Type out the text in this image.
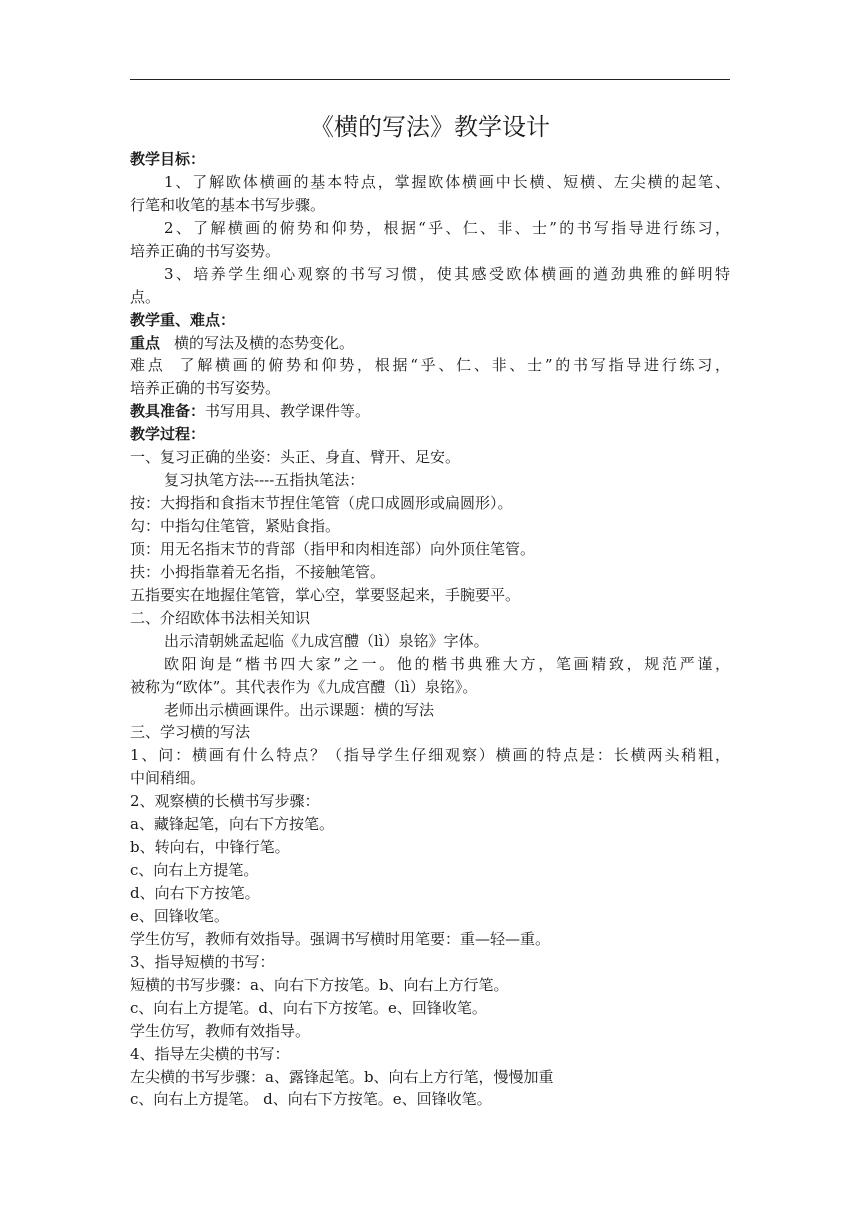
《横的写法》教学设计
教学目标：
1、了解欧体横画的基本特点，掌握欧体横画中长横、短横、左尖横的起笔、
行笔和收笔的基本书写步骤。
2、了解横画的俯势和仰势，根据“乎、仁、非、士”的书写指导进行练习，
培养正确的书写姿势。
3、培养学生细心观察的书写习惯，使其感受欧体横画的遒劲典雅的鲜明特
点。
教学重、难点：
重点 横的写法及横的态势变化。
难点 了解横画的俯势和仰势，根据“乎、仁、非、士”的书写指导进行练习，
培养正确的书写姿势。
教具准备：书写用具、教学课件等。
教学过程：
一、复习正确的坐姿：头正、身直、臂开、足安。
复习执笔方法----五指执笔法：
按：大拇指和食指末节捏住笔管（虎口成圆形或扁圆形）。
勾：中指勾住笔管，紧贴食指。
顶：用无名指末节的背部（指甲和肉相连部）向外顶住笔管。
扶：小拇指靠着无名指，不接触笔管。
五指要实在地握住笔管，掌心空，掌要竖起来，手腕要平。
二、介绍欧体书法相关知识
出示清朝姚孟起临《九成宫醴（lì）泉铭》字体。
欧阳询是“楷书四大家”之一。他的楷书典雅大方，笔画精致，规范严谨，
被称为“欧体”。其代表作为《九成宫醴（lì）泉铭》。
老师出示横画课件。出示课题：横的写法
三、学习横的写法
1、问：横画有什么特点？（指导学生仔细观察）横画的特点是：长横两头稍粗，
中间稍细。
2、观察横的长横书写步骤：
a、藏锋起笔，向右下方按笔。
b、转向右，中锋行笔。
c、向右上方提笔。
d、向右下方按笔。
e、回锋收笔。
学生仿写，教师有效指导。强调书写横时用笔要：重—轻—重。
3、指导短横的书写：
短横的书写步骤：a、向右下方按笔。b、向右上方行笔。
c、向右上方提笔。d、向右下方按笔。e、回锋收笔。
学生仿写，教师有效指导。
4、指导左尖横的书写：
左尖横的书写步骤：a、露锋起笔。b、向右上方行笔，慢慢加重
c、向右上方提笔。 d、向右下方按笔。e、回锋收笔。
